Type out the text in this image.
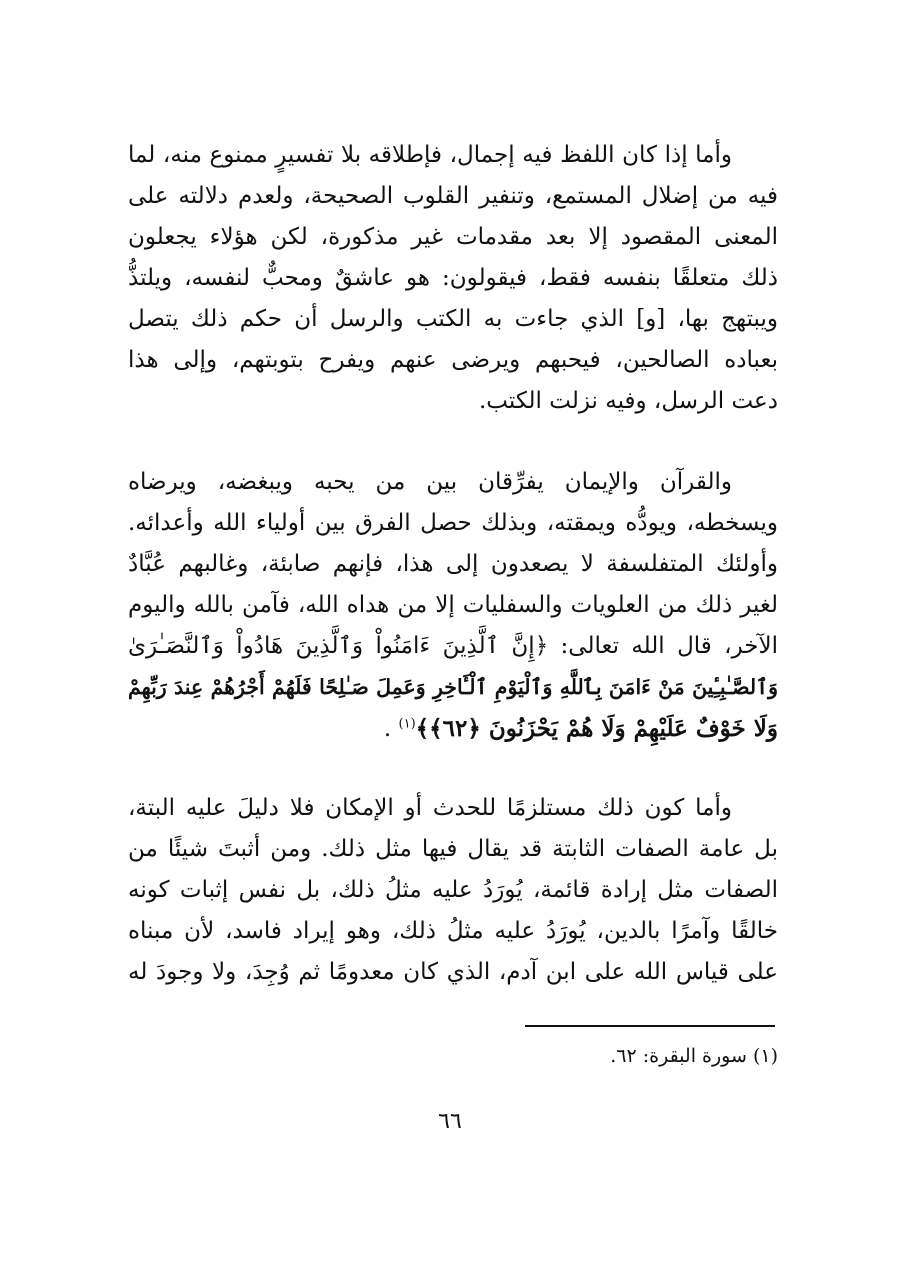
وأما إذا كان اللفظ فيه إجمال، فإطلاقه بلا تفسيرٍ ممنوع منه، لما
فيه من إضلال المستمع، وتنفير القلوب الصحيحة، ولعدم دلالته على
المعنى المقصود إلا بعد مقدمات غير مذكورة، لكن هؤلاء يجعلون
ذلك متعلقًا بنفسه فقط، فيقولون: هو عاشقٌ ومحبٌّ لنفسه، ويلتذُّ
ويبتهج بها، [و] الذي جاءت به الكتب والرسل أن حكم ذلك يتصل
بعباده الصالحين، فيحبهم ويرضى عنهم ويفرح بتوبتهم، وإلى هذا
دعت الرسل، وفيه نزلت الكتب.
والقرآن والإيمان يفرِّقان بين من يحبه ويبغضه، ويرضاه
ويسخطه، ويودُّه ويمقته، وبذلك حصل الفرق بين أولياء الله وأعدائه.
وأولئك المتفلسفة لا يصعدون إلى هذا، فإنهم صابئة، وغالبهم عُبَّادٌ
لغير ذلك من العلويات والسفليات إلا من هداه الله، فآمن بالله واليوم
الآخر، قال الله تعالى: ﴿إِنَّ ٱلَّذِينَ ءَامَنُواْ وَٱلَّذِينَ هَادُواْ وَٱلنَّصَـٰرَىٰ
وَٱلصَّـٰبِـِٔينَ مَنْ ءَامَنَ بِٱللَّهِ وَٱلْيَوْمِ ٱلْـَٔاخِرِ وَعَمِلَ صَـٰلِحًا فَلَهُمْ أَجْرُهُمْ عِندَ رَبِّهِمْ
وَلَا خَوْفٌ عَلَيْهِمْ وَلَا هُمْ يَحْزَنُونَ ﴿٦٢﴾﴾$^{(١)}$ .
وأما كون ذلك مستلزمًا للحدث أو الإمكان فلا دليلَ عليه البتة،
بل عامة الصفات الثابتة قد يقال فيها مثل ذلك. ومن أثبتَ شيئًا من
الصفات مثل إرادة قائمة، يُورَدُ عليه مثلُ ذلك، بل نفس إثبات كونه
خالقًا وآمرًا بالدين، يُورَدُ عليه مثلُ ذلك، وهو إيراد فاسد، لأن مبناه
على قياس الله على ابن آدم، الذي كان معدومًا ثم وُجِدَ، ولا وجودَ له
(١) سورة البقرة: ٦٢.
٦٦
